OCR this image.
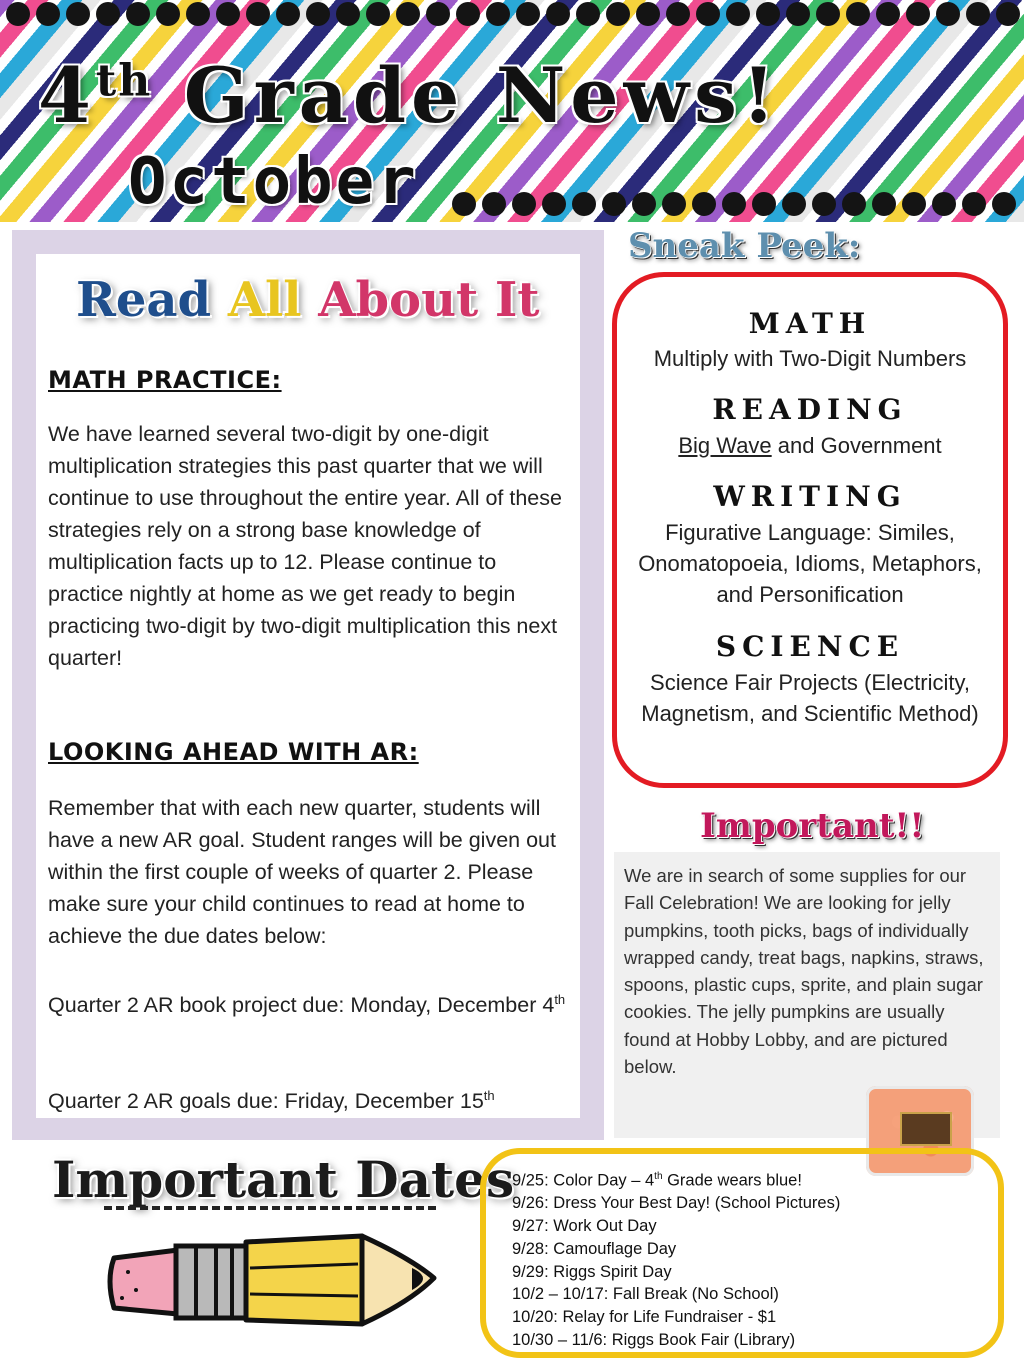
4th Grade News!
October
Read All About It
MATH PRACTICE:

We have learned several two-digit by one-digit multiplication strategies this past quarter that we will continue to use throughout the entire year. All of these strategies rely on a strong base knowledge of multiplication facts up to 12. Please continue to practice nightly at home as we get ready to begin practicing two-digit by two-digit multiplication this next quarter!

LOOKING AHEAD WITH AR:

Remember that with each new quarter, students will have a new AR goal. Student ranges will be given out within the first couple of weeks of quarter 2. Please make sure your child continues to read at home to achieve the due dates below:

Quarter 2 AR book project due: Monday, December 4th

Quarter 2 AR goals due: Friday, December 15th

Sneak Peek:
MATH

Multiply with Two-Digit Numbers

READING

Big Wave and Government

WRITING

Figurative Language: Similes, Onomatopoeia, Idioms, Metaphors, and Personification

SCIENCE

Science Fair Projects (Electricity, Magnetism, and Scientific Method)

Important!!

We are in search of some supplies for our Fall Celebration! We are looking for jelly pumpkins, tooth picks, bags of individually wrapped candy, treat bags, napkins, straws, spoons, plastic cups, sprite, and plain sugar cookies. The jelly pumpkins are usually found at Hobby Lobby, and are pictured below.

Important Dates
9/25: Color Day – 4th Grade wears blue!
9/26: Dress Your Best Day! (School Pictures)
9/27: Work Out Day
9/28: Camouflage Day
9/29: Riggs Spirit Day
10/2 – 10/17: Fall Break (No School)
10/20: Relay for Life Fundraiser - $1
10/30 – 11/6: Riggs Book Fair (Library)
